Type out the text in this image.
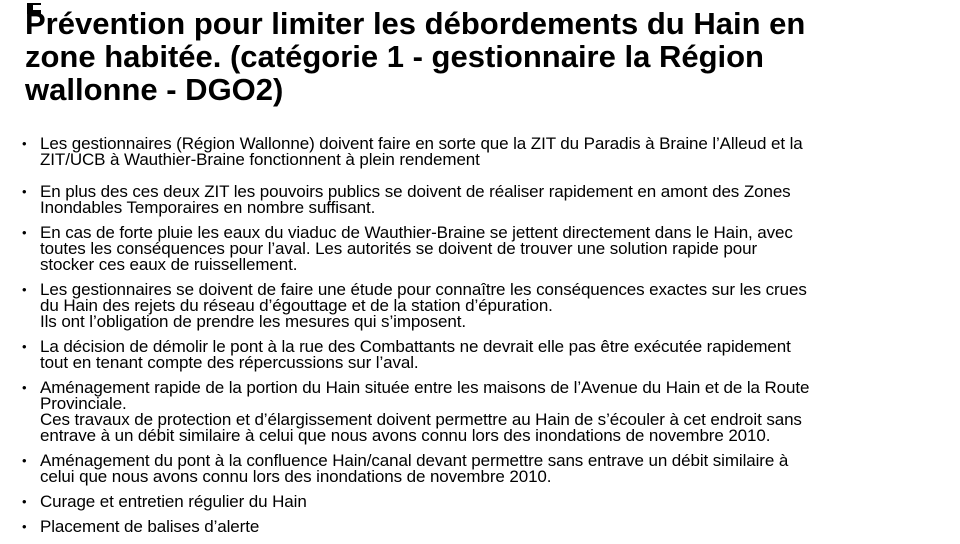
Prévention pour limiter les débordements du Hain en
zone habitée. (catégorie 1 - gestionnaire la Région
wallonne - DGO2)
• Les gestionnaires (Région Wallonne) doivent faire en sorte que la ZIT du Paradis à Braine l’Alleud et la
ZIT/UCB à Wauthier-Braine fonctionnent à plein rendement
• En plus des ces deux ZIT les pouvoirs publics se doivent de réaliser rapidement en amont des Zones
Inondables Temporaires en nombre suffisant.
• En cas de forte pluie les eaux du viaduc de Wauthier-Braine se jettent directement dans le Hain, avec
toutes les conséquences pour l’aval. Les autorités se doivent de trouver une solution rapide pour
stocker ces eaux de ruissellement.
• Les gestionnaires se doivent de faire une étude pour connaître les conséquences exactes sur les crues
du Hain des rejets du réseau d’égouttage et de la station d’épuration.
Ils ont l’obligation de prendre les mesures qui s’imposent.
• La décision de démolir le pont à la rue des Combattants ne devrait elle pas être exécutée rapidement
tout en tenant compte des répercussions sur l’aval.
• Aménagement rapide de la portion du Hain située entre les maisons de l’Avenue du Hain et de la Route
Provinciale.
Ces travaux de protection et d’élargissement doivent permettre au Hain de s’écouler à cet endroit sans
entrave à un débit similaire à celui que nous avons connu lors des inondations de novembre 2010.
• Aménagement du pont à la confluence Hain/canal devant permettre sans entrave un débit similaire à
celui que nous avons connu lors des inondations de novembre 2010.
• Curage et entretien régulier du Hain
• Placement de balises d’alerte
